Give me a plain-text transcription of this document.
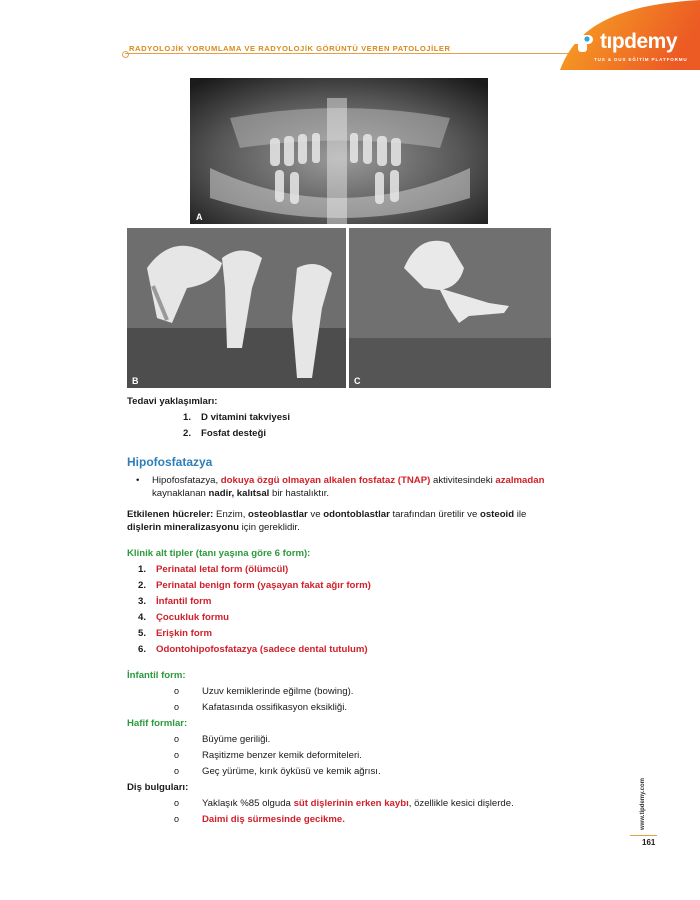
RADYOLOJİK YORUMLAMA VE RADYOLOJİK GÖRÜNTÜ VEREN PATOLOJİLER	tıpdemy
TUS & DUS EĞİTİM PLATFORMU
A
B	C
Tedavi yaklaşımları:
1. D vitamini takviyesi
2. Fosfat desteği
Hipofosfatazya
• Hipofosfatazya, dokuya özgü olmayan alkalen fosfataz (TNAP) aktivitesindeki azalmadan
kaynaklanan nadir, kalıtsal bir hastalıktır.
Etkilenen hücreler: Enzim, osteoblastlar ve odontoblastlar tarafından üretilir ve osteoid ile
dişlerin mineralizasyonu için gereklidir.
Klinik alt tipler (tanı yaşına göre 6 form):
1. Perinatal letal form (ölümcül)
2. Perinatal benign form (yaşayan fakat ağır form)
3. İnfantil form
4. Çocukluk formu
5. Erişkin form
6. Odontohipofosfatazya (sadece dental tutulum)
İnfantil form:
o Uzuv kemiklerinde eğilme (bowing).
o Kafatasında ossifikasyon eksikliği.
Hafif formlar:
o Büyüme geriliği.
o Raşitizme benzer kemik deformiteleri.
o Geç yürüme, kırık öyküsü ve kemik ağrısı.
Diş bulguları:
o Yaklaşık %85 olguda süt dişlerinin erken kaybı, özellikle kesici dişlerde.
o Daimi diş sürmesinde gecikme.	www.tipdemy.com
161
